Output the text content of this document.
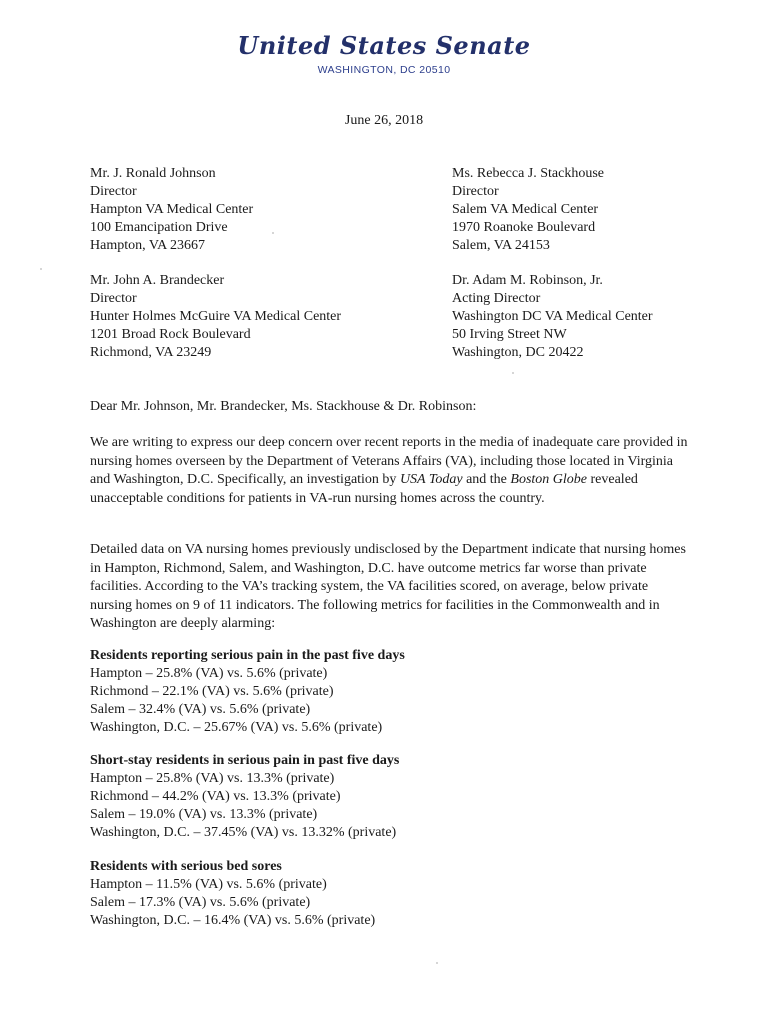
United States Senate
WASHINGTON, DC 20510
June 26, 2018
Mr. J. Ronald Johnson
Director
Hampton VA Medical Center
100 Emancipation Drive
Hampton, VA 23667
Ms. Rebecca J. Stackhouse
Director
Salem VA Medical Center
1970 Roanoke Boulevard
Salem, VA 24153
Mr. John A. Brandecker
Director
Hunter Holmes McGuire VA Medical Center
1201 Broad Rock Boulevard
Richmond, VA 23249
Dr. Adam M. Robinson, Jr.
Acting Director
Washington DC VA Medical Center
50 Irving Street NW
Washington, DC 20422
Dear Mr. Johnson, Mr. Brandecker, Ms. Stackhouse & Dr. Robinson:
We are writing to express our deep concern over recent reports in the media of inadequate care provided in nursing homes overseen by the Department of Veterans Affairs (VA), including those located in Virginia and Washington, D.C. Specifically, an investigation by USA Today and the Boston Globe revealed unacceptable conditions for patients in VA-run nursing homes across the country.
Detailed data on VA nursing homes previously undisclosed by the Department indicate that nursing homes in Hampton, Richmond, Salem, and Washington, D.C. have outcome metrics far worse than private facilities. According to the VA’s tracking system, the VA facilities scored, on average, below private nursing homes on 9 of 11 indicators. The following metrics for facilities in the Commonwealth and in Washington are deeply alarming:
Residents reporting serious pain in the past five days
Hampton – 25.8% (VA) vs. 5.6% (private)
Richmond – 22.1% (VA) vs. 5.6% (private)
Salem – 32.4% (VA) vs. 5.6% (private)
Washington, D.C. – 25.67% (VA) vs. 5.6% (private)
Short-stay residents in serious pain in past five days
Hampton – 25.8% (VA) vs. 13.3% (private)
Richmond – 44.2% (VA) vs. 13.3% (private)
Salem – 19.0% (VA) vs. 13.3% (private)
Washington, D.C. – 37.45% (VA) vs. 13.32% (private)
Residents with serious bed sores
Hampton – 11.5% (VA) vs. 5.6% (private)
Salem – 17.3% (VA) vs. 5.6% (private)
Washington, D.C. – 16.4% (VA) vs. 5.6% (private)
